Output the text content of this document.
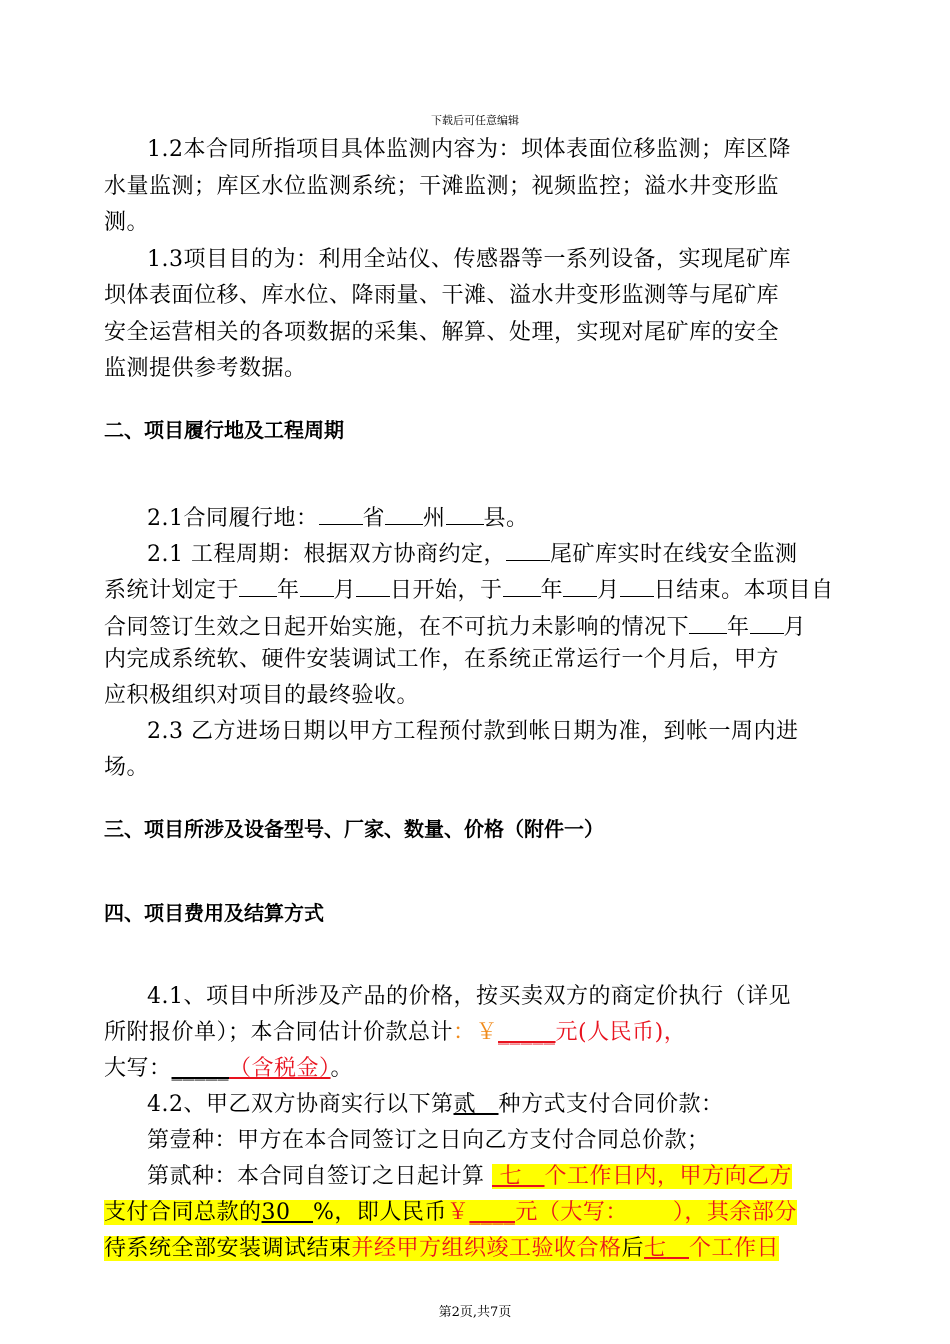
下载后可任意编辑
1.2本合同所指项目具体监测内容为：坝体表面位移监测；库区降
水量监测；库区水位监测系统；干滩监测；视频监控；溢水井变形监
测。
1.3项目目的为：利用全站仪、传感器等一系列设备，实现尾矿库
坝体表面位移、库水位、降雨量、干滩、溢水井变形监测等与尾矿库
安全运营相关的各项数据的采集、解算、处理，实现对尾矿库的安全
监测提供参考数据。
二、项目履行地及工程周期
2.1合同履行地： 省 州 县。
2.1 工程周期：根据双方协商约定， 尾矿库实时在线安全监测
系统计划定于 年 月 日开始，于 年 月 日结束。本项目自
合同签订生效之日起开始实施，在不可抗力未影响的情况下 年 月
内完成系统软、硬件安装调试工作，在系统正常运行一个月后，甲方
应积极组织对项目的最终验收。
2.3 乙方进场日期以甲方工程预付款到帐日期为准，到帐一周内进
场。
三、项目所涉及设备型号、厂家、数量、价格（附件一）
四、项目费用及结算方式
4.1、项目中所涉及产品的价格，按买卖双方的商定价执行（详见
所附报价单）；本合同估计价款总计：￥_____元(人民币)，
大写：_____（含税金）。
4.2、甲乙双方协商实行以下第贰 种方式支付合同价款：
第壹种：甲方在本合同签订之日向乙方支付合同总价款；
第贰种：本合同自签订之日起计算  七 个工作日内，甲方向乙方
支付合同总款的30 %，即人民币￥____元（大写： ），其余部分
待系统全部安装调试结束并经甲方组织竣工验收合格后七 个工作日
第2页,共7页
